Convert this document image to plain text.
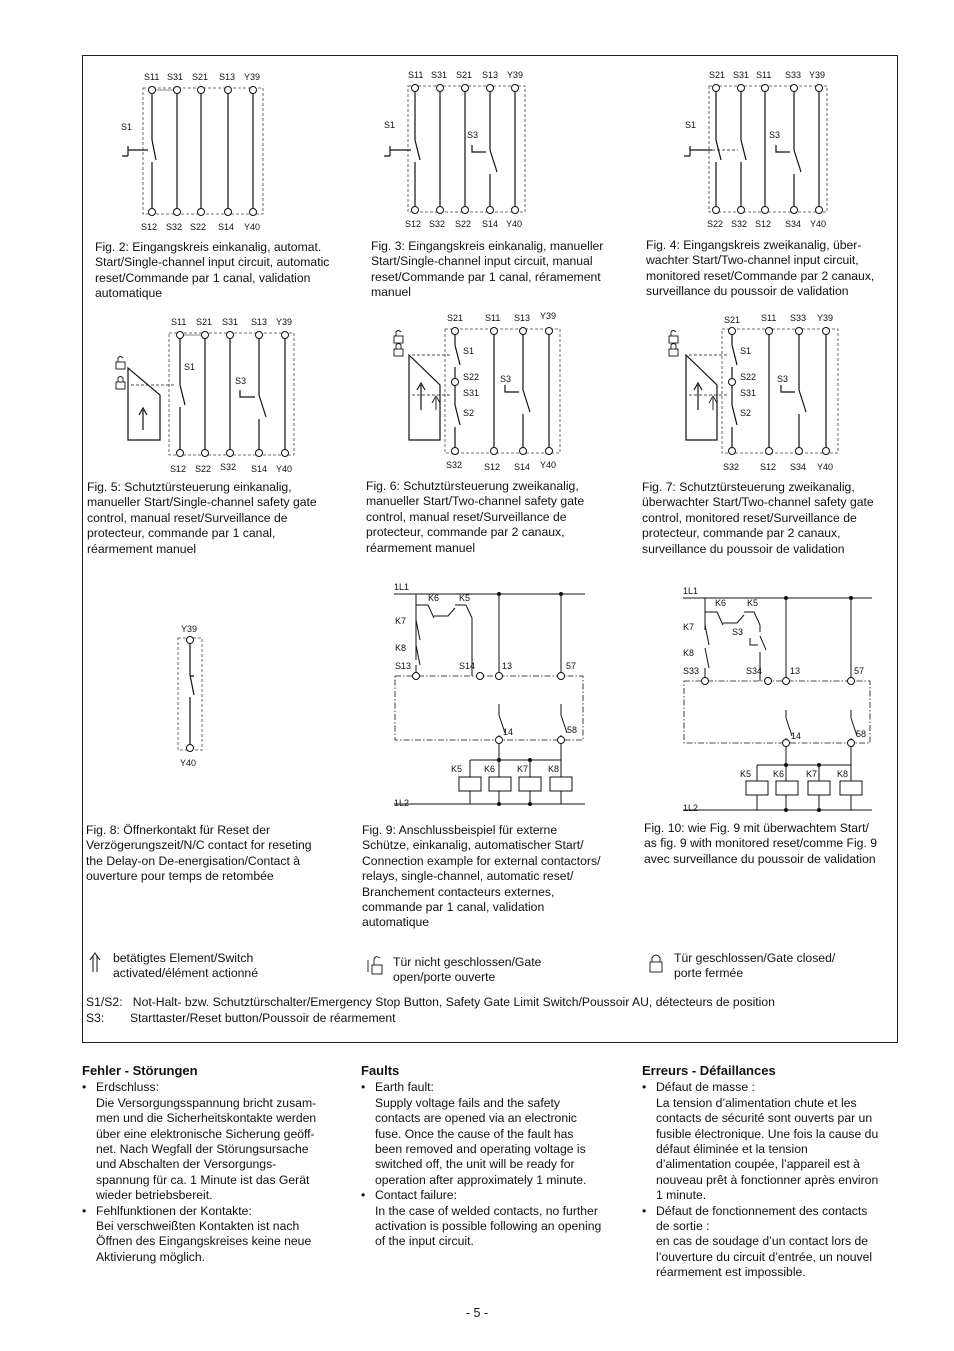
S11 S31 S21 S13 Y39
S1
S12 S32 S22 S14 Y40
S11 S31 S21 S13 Y39
S1
S3
S12 S32 S22 S14 Y40
S21 S31 S11 S33 Y39
S1
S3
S22 S32 S12 S34 Y40
S11 S21 S31 S13 Y39
S1
S3
S12 S22 S32 S14 Y40
S21 S11 S13 Y39
S1
S22
S31
S2
S3
S32 S12 S14 Y40
S21 S11 S33 Y39
S1
S22
S31
S2
S3
S32 S12 S34 Y40
Y39
Y40
1L1
K6 K5
K7
K8
S13	S14	13	57
14	58
K5 K6 K7 K8
1L2
1L1
K6 K5
K7	S3
K8
S33	S34	13	57
14	58
K5 K6 K7 K8
1L2
Fig. 2: Eingangskreis einkanalig, automat.
Start/Single-channel input circuit, automatic
reset/Commande par 1 canal, validation
automatique
Fig. 3: Eingangskreis einkanalig, manueller
Start/Single-channel input circuit, manual
reset/Commande par 1 canal, réramement
manuel
Fig. 4: Eingangskreis zweikanalig, über-
wachter Start/Two-channel input circuit,
monitored reset/Commande par 2 canaux,
surveillance du poussoir de validation
Fig. 5: Schutztürsteuerung einkanalig,
manueller Start/Single-channel safety gate
control, manual reset/Surveillance de
protecteur, commande par 1 canal,
réarmement manuel
Fig. 6: Schutztürsteuerung zweikanalig,
manueller Start/Two-channel safety gate
control, manual reset/Surveillance de
protecteur, commande par 2 canaux,
réarmement manuel
Fig. 7: Schutztürsteuerung zweikanalig,
überwachter Start/Two-channel safety gate
control, monitored reset/Surveillance de
protecteur, commande par 2 canaux,
surveillance du poussoir de validation
Fig. 8: Öffnerkontakt für Reset der
Verzögerungszeit/N/C contact for reseting
the Delay-on De-energisation/Contact à
ouverture pour temps de retombée
Fig. 9: Anschlussbeispiel für externe
Schütze, einkanalig, automatischer Start/
Connection example for external contactors/
relays, single-channel, automatic reset/
Branchement contacteurs externes,
commande par 1 canal, validation
automatique
Fig. 10: wie Fig. 9 mit überwachtem Start/
as fig. 9 with monitored reset/comme Fig. 9
avec surveillance du poussoir de validation
betätigtes Element/Switch
activated/élément actionné
Tür nicht geschlossen/Gate
open/porte ouverte
Tür geschlossen/Gate closed/
porte fermée
S1/S2: Not-Halt- bzw. Schutztürschalter/Emergency Stop Button, Safety Gate Limit Switch/Poussoir AU, détecteurs de position
S3: Starttaster/Reset button/Poussoir de réarmement
Fehler - Störungen
• Erdschluss:
Die Versorgungsspannung bricht zusam-
men und die Sicherheitskontakte werden
über eine elektronische Sicherung geöff-
net. Nach Wegfall der Störungsursache
und Abschalten der Versorgungs-
spannung für ca. 1 Minute ist das Gerät
wieder betriebsbereit.
• Fehlfunktionen der Kontakte:
Bei verschweißten Kontakten ist nach
Öffnen des Eingangskreises keine neue
Aktivierung möglich.
Faults
• Earth fault:
Supply voltage fails and the safety
contacts are opened via an electronic
fuse. Once the cause of the fault has
been removed and operating voltage is
switched off, the unit will be ready for
operation after approximately 1 minute.
• Contact failure:
In the case of welded contacts, no further
activation is possible following an opening
of the input circuit.
Erreurs - Défaillances
• Défaut de masse :
La tension d’alimentation chute et les
contacts de sécurité sont ouverts par un
fusible électronique. Une fois la cause du
défaut éliminée et la tension
d’alimentation coupée, l’appareil est à
nouveau prêt à fonctionner après environ
1 minute.
• Défaut de fonctionnement des contacts
de sortie :
en cas de soudage d’un contact lors de
l’ouverture du circuit d’entrée, un nouvel
réarmement est impossible.
- 5 -
